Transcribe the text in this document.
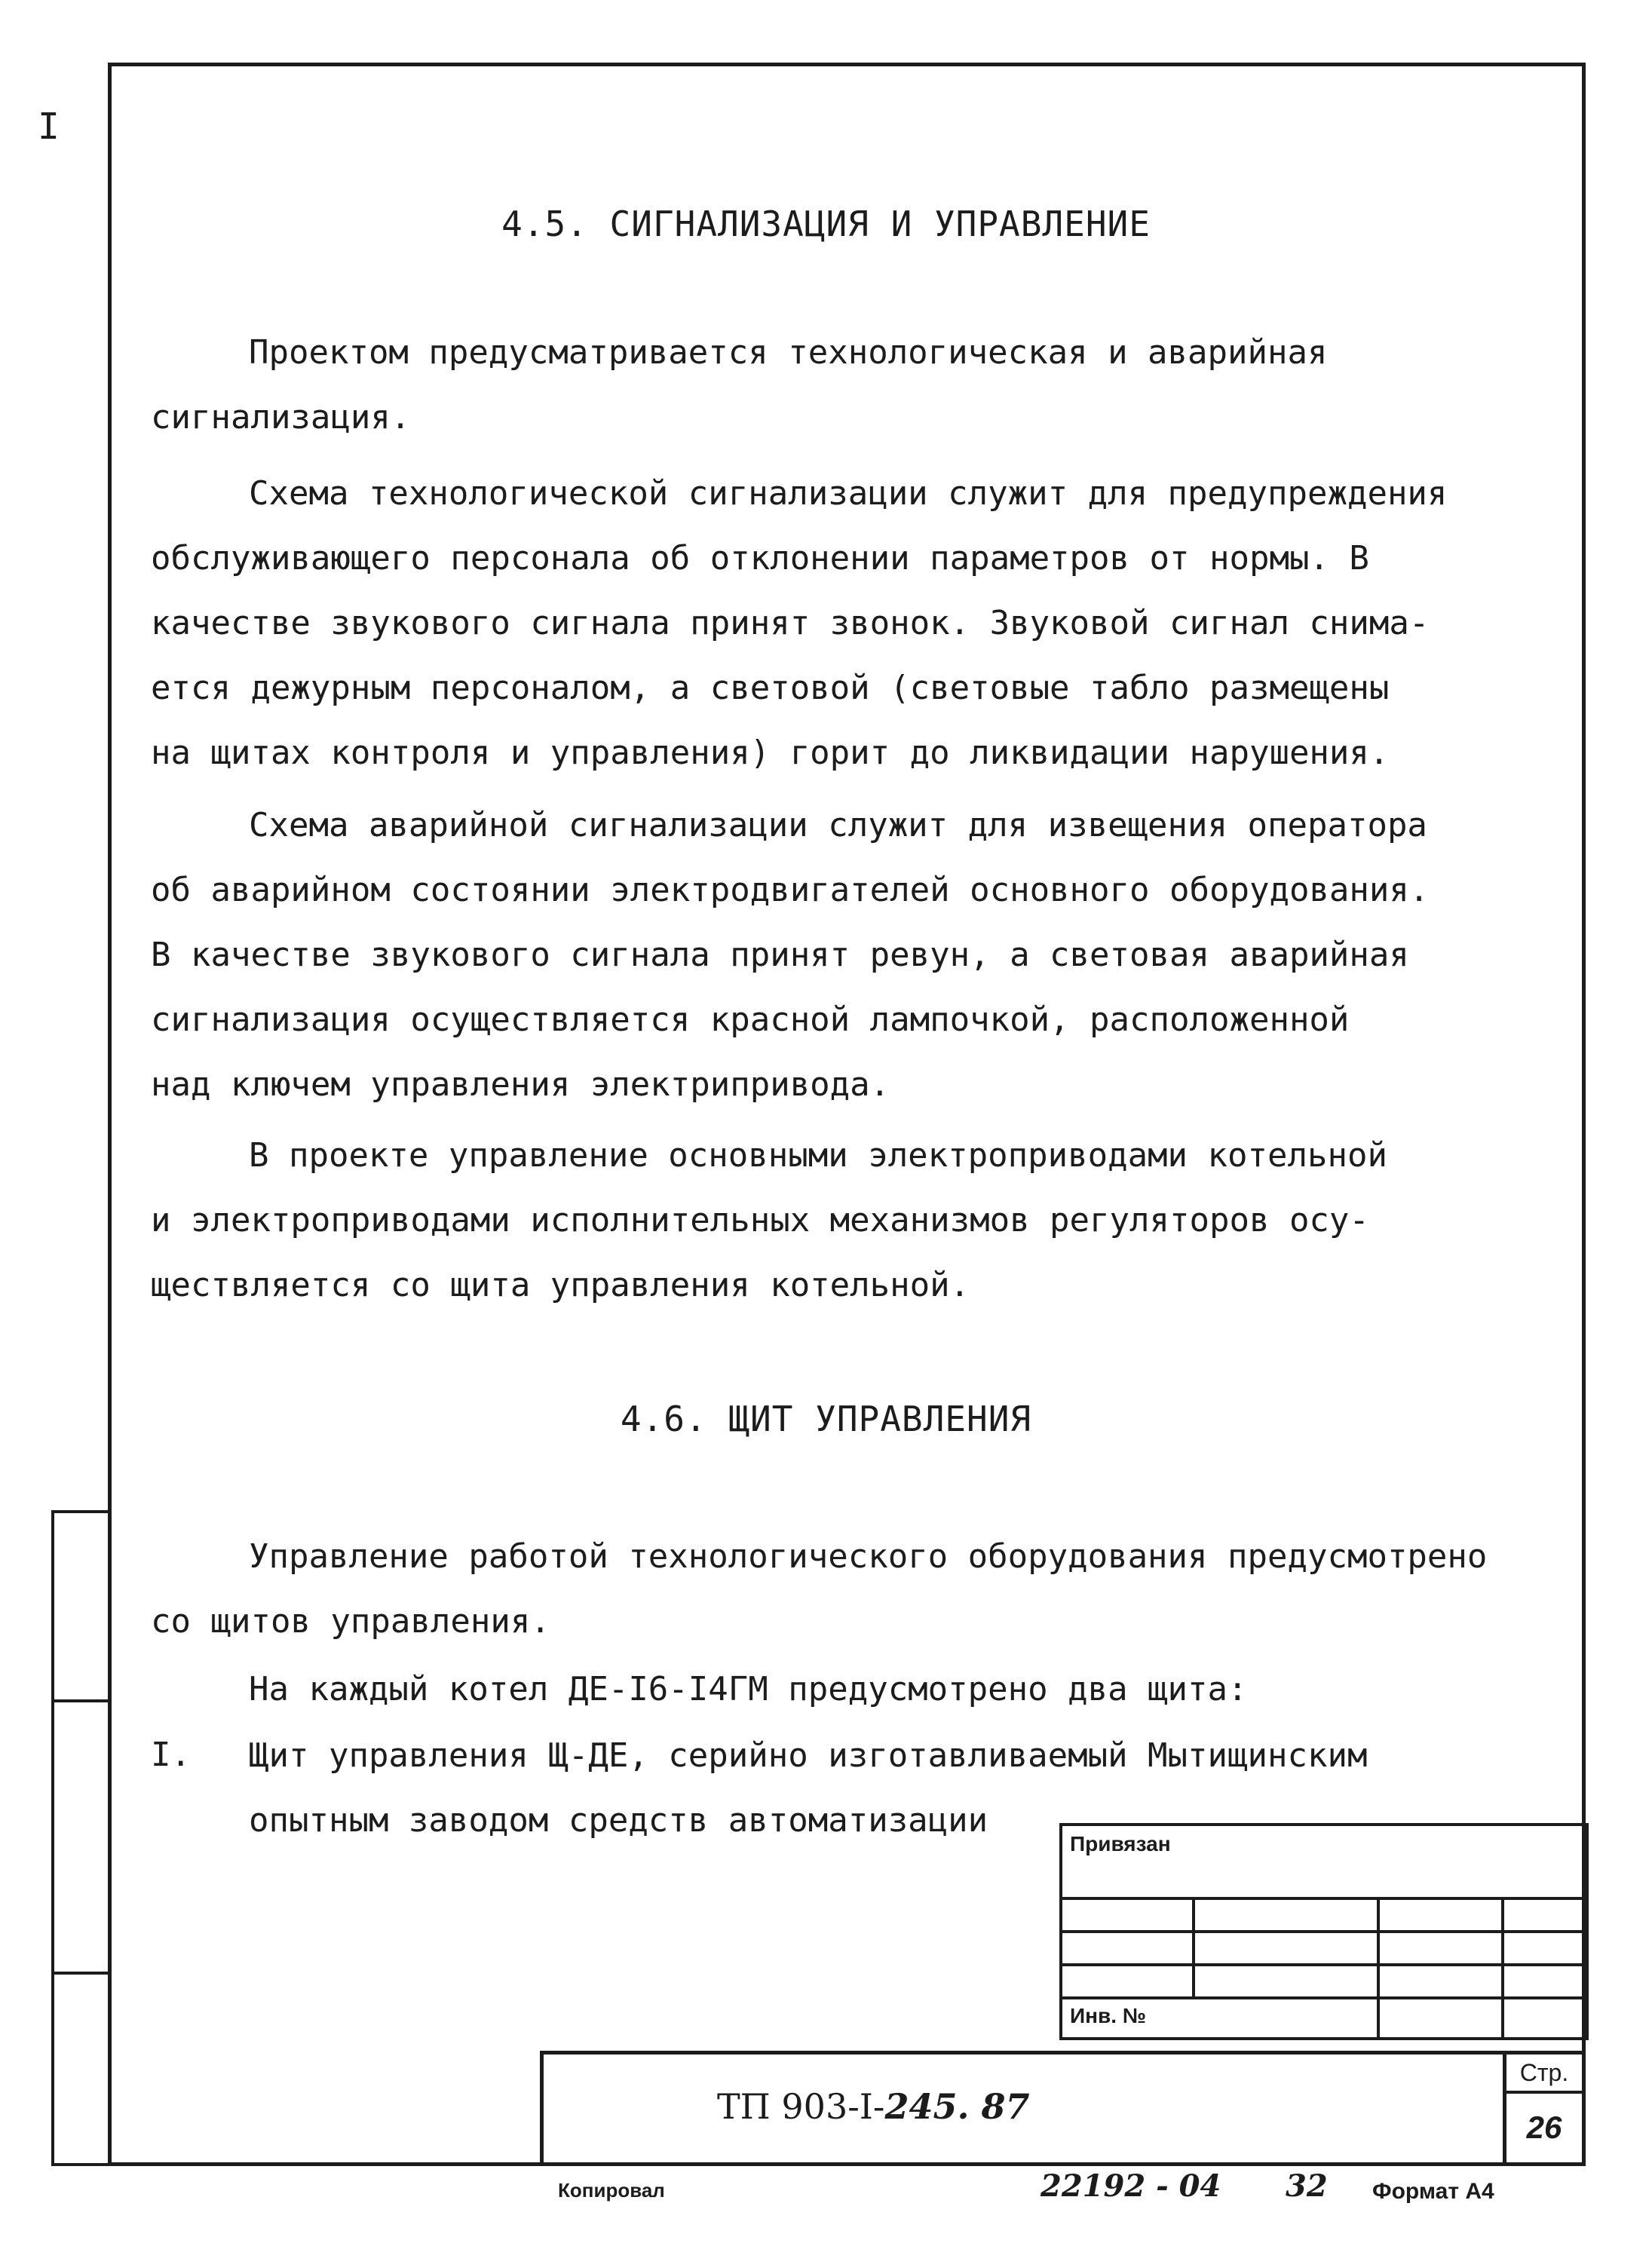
I
4.5. СИГНАЛИЗАЦИЯ И УПРАВЛЕНИЕ

Проектом предусматривается технологическая и аварийная
сигнализация.

Схема технологической сигнализации служит для предупреждения
обслуживающего персонала об отклонении параметров от нормы. В
качестве звукового сигнала принят звонок. Звуковой сигнал снима-
ется дежурным персоналом, а световой (световые табло размещены
на щитах контроля и управления) горит до ликвидации нарушения.

Схема аварийной сигнализации служит для извещения оператора
об аварийном состоянии электродвигателей основного оборудования.
В качестве звукового сигнала принят ревун, а световая аварийная
сигнализация осуществляется красной лампочкой, расположенной
над ключем управления электрипривода.

В проекте управление основными электроприводами котельной
и электроприводами исполнительных механизмов регуляторов осу-
ществляется со щита управления котельной.

4.6. ЩИТ УПРАВЛЕНИЯ

Управление работой технологического оборудования предусмотрено
со щитов управления.

На каждый котел ДЕ-I6-I4ГМ предусмотрено два щита:

I. Щит управления Щ-ДЕ, серийно изготавливаемый Мытищинским
опытным заводом средств автоматизации
Привязан			

Инв. №			
ТП 903-I-245. 87
Стр.
26
Копировал	22192 - 04 32 Формат А4
